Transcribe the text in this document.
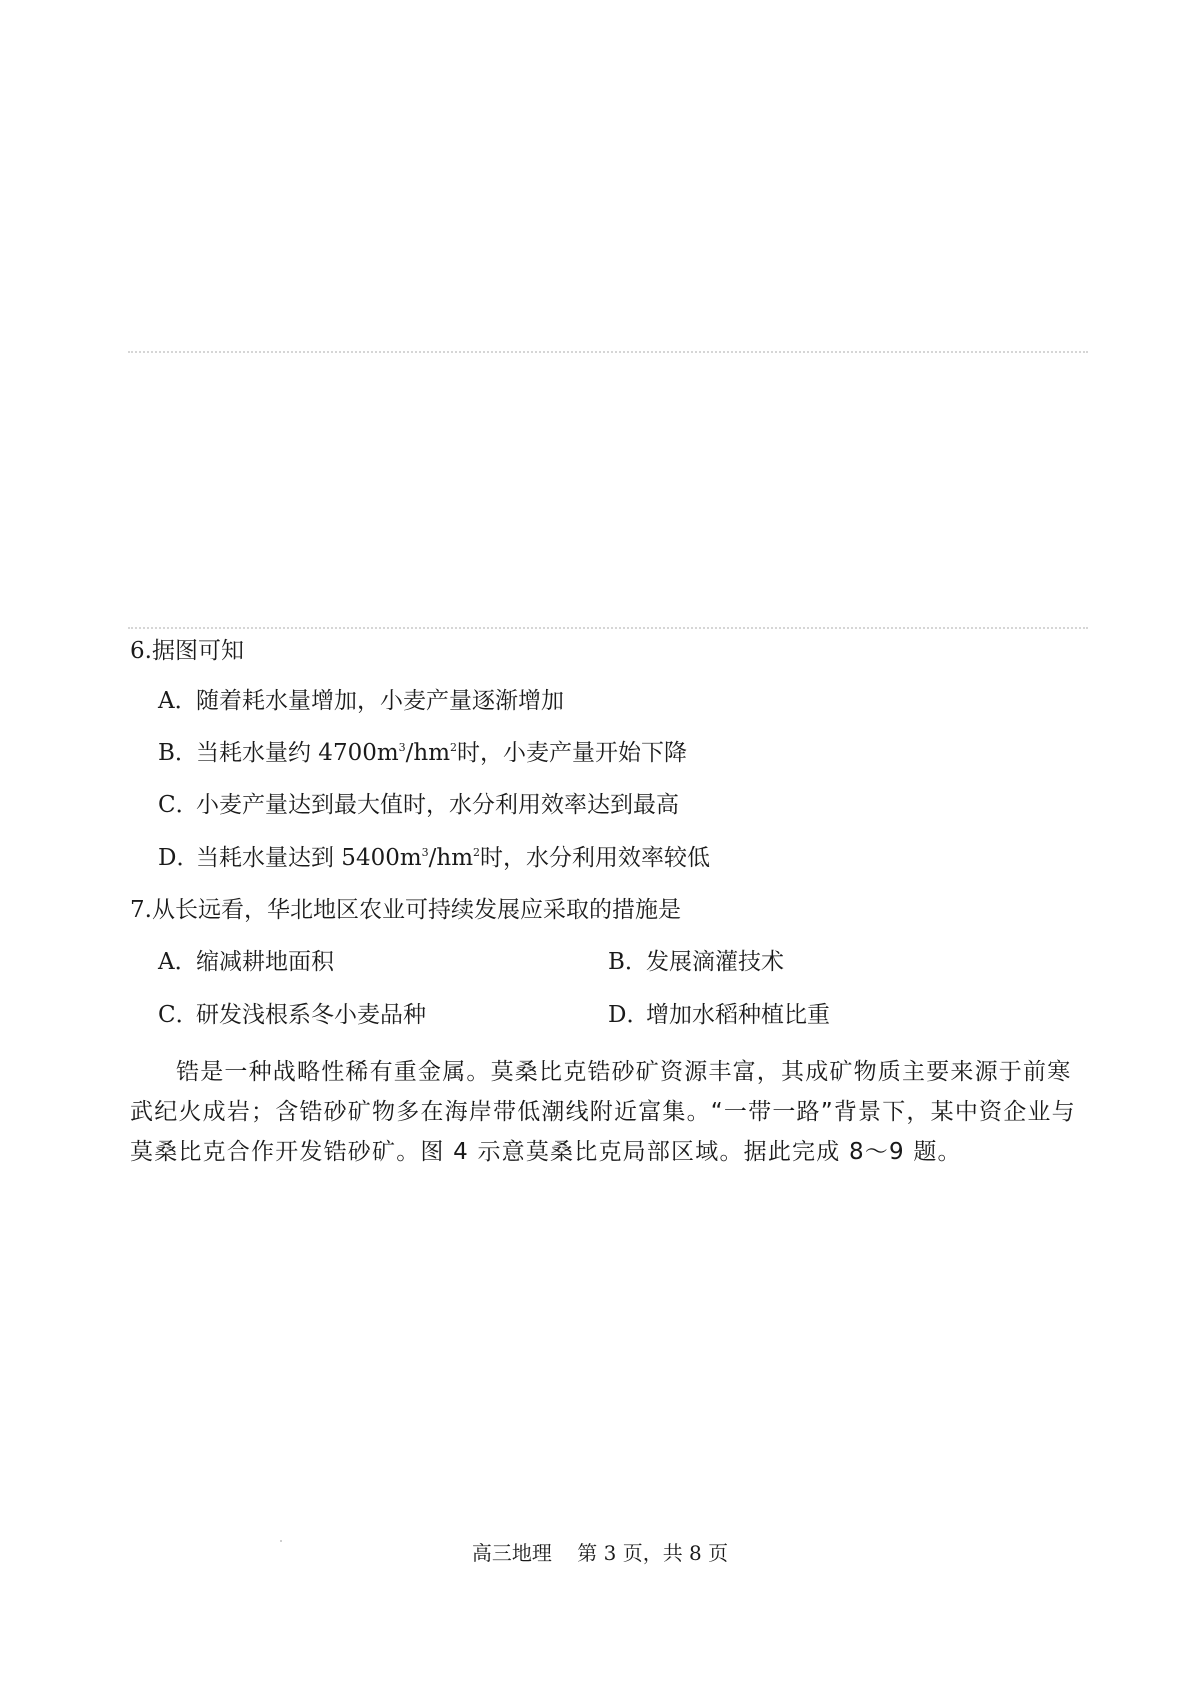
6.据图可知
A．随着耗水量增加，小麦产量逐渐增加
B．当耗水量约 $4700m^3/hm^2$时，小麦产量开始下降
C．小麦产量达到最大值时，水分利用效率达到最高
D．当耗水量达到 $5400m^3/hm^2$时，水分利用效率较低
7.从长远看，华北地区农业可持续发展应采取的措施是
A．缩减耕地面积	B．发展滴灌技术
C．研发浅根系冬小麦品种	D．增加水稻种植比重
锆是一种战略性稀有重金属。莫桑比克锆砂矿资源丰富，其成矿物质主要来源于前寒武纪火成岩；含锆砂矿物多在海岸带低潮线附近富集。“一带一路”背景下，某中资企业与莫桑比克合作开发锆砂矿。图 4 示意莫桑比克局部区域。据此完成 8～9 题。
高三地理 第 3 页，共 8 页
